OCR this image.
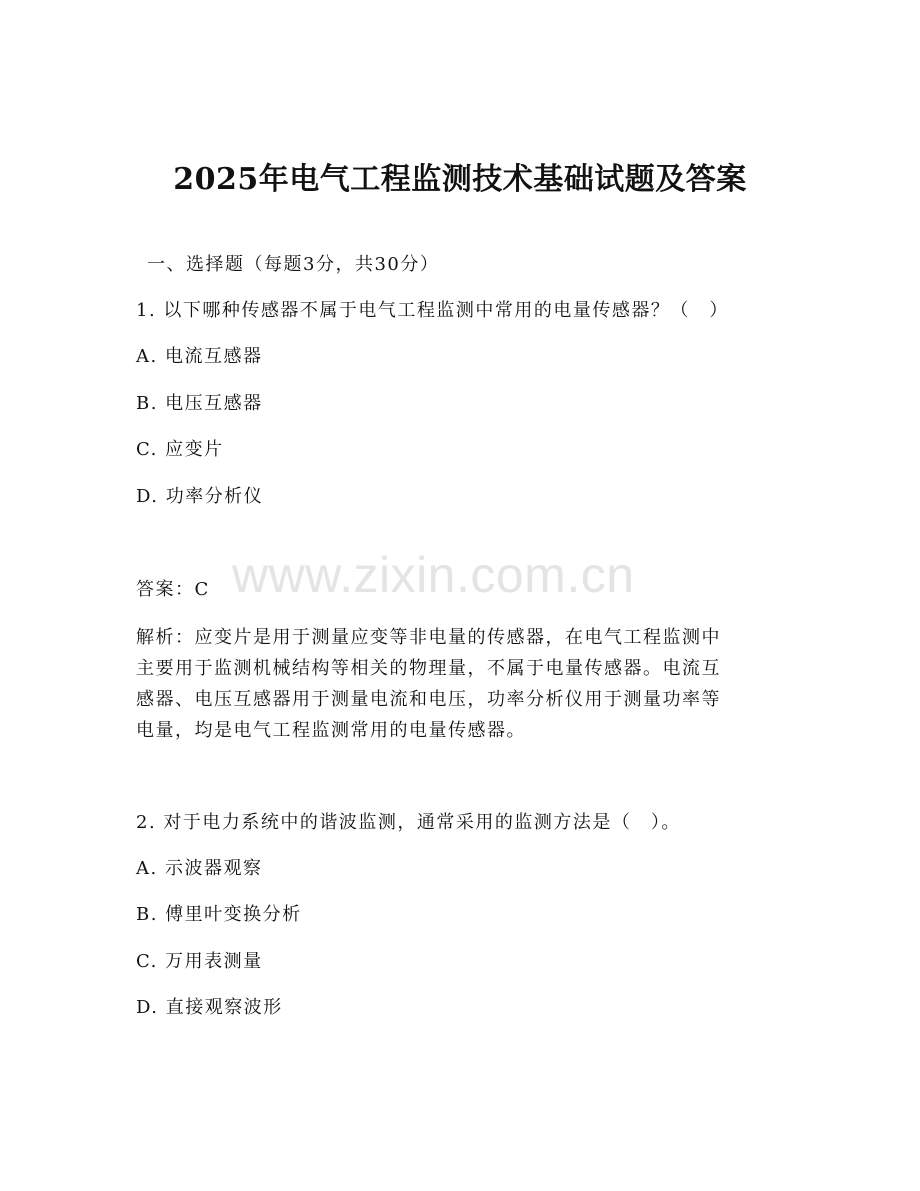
www.zixin.com.cn
2025年电气工程监测技术基础试题及答案
一、选择题（每题3分，共30分）
1. 以下哪种传感器不属于电气工程监测中常用的电量传感器？（　）
A. 电流互感器
B. 电压互感器
C. 应变片
D. 功率分析仪
答案：C
解析：应变片是用于测量应变等非电量的传感器，在电气工程监测中
主要用于监测机械结构等相关的物理量，不属于电量传感器。电流互
感器、电压互感器用于测量电流和电压，功率分析仪用于测量功率等
电量，均是电气工程监测常用的电量传感器。
2. 对于电力系统中的谐波监测，通常采用的监测方法是（　）。
A. 示波器观察
B. 傅里叶变换分析
C. 万用表测量
D. 直接观察波形
